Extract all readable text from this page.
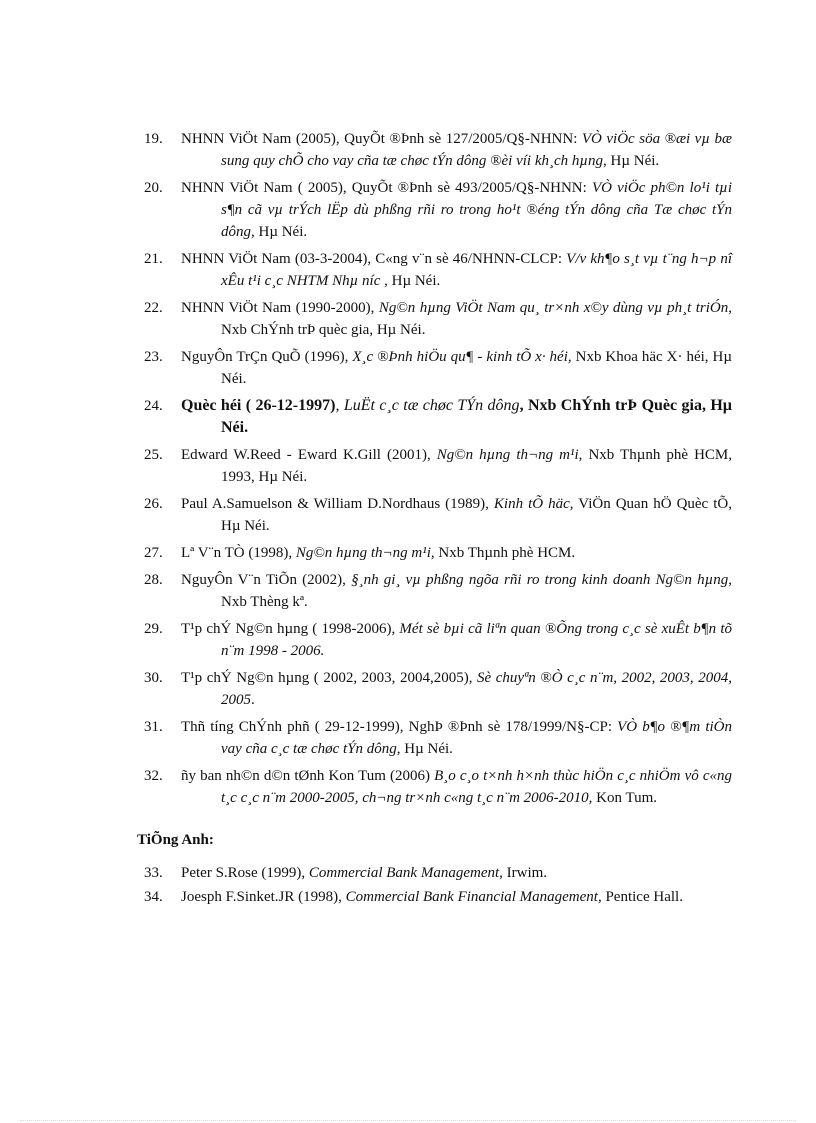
19.	NHNN ViÖt Nam (2005), QuyÕt ®Þnh sè 127/2005/Q§-NHNN: VÒ viÖc söa ®æi vµ bæ sung quy chÕ cho vay cña tæ chøc tÝn dông ®èi víi kh¸ch hµng, Hµ Néi.
20.	NHNN ViÖt Nam ( 2005), QuyÕt ®Þnh sè 493/2005/Q§-NHNN: VÒ viÖc ph©n lo¹i tµi s¶n cã vµ trÝch lËp dù phßng rñi ro trong ho¹t ®éng tÝn dông cña Tæ chøc tÝn dông, Hµ Néi.
21.	NHNN ViÖt Nam (03-3-2004), C«ng v¨n sè 46/NHNN-CLCP: V/v kh¶o s¸t vµ t¨ng h¬p nî xÊu t¹i c¸c NHTM Nhµ níc , Hµ Néi.
22.	NHNN ViÖt Nam (1990-2000), Ng©n hµng ViÖt Nam qu¸ tr×nh x©y dùng vµ ph¸t triÓn, Nxb ChÝnh trÞ quèc gia, Hµ Néi.
23.	NguyÔn TrÇn QuÕ (1996), X¸c ®Þnh hiÖu qu¶ - kinh tÕ x· héi, Nxb Khoa häc X· héi, Hµ Néi.
24.	Quèc héi ( 26-12-1997), LuËt c¸c tæ chøc TÝn dông, Nxb ChÝnh trÞ Quèc gia, Hµ Néi.
25.	Edward W.Reed - Eward K.Gill (2001), Ng©n hµng th¬ng m¹i, Nxb Thµnh phè HCM, 1993, Hµ Néi.
26.	Paul A.Samuelson & William D.Nordhaus (1989), Kinh tÕ häc, ViÖn Quan hÖ Quèc tÕ, Hµ Néi.
27.	Lª V¨n TÒ (1998), Ng©n hµng th¬ng m¹i, Nxb Thµnh phè HCM.
28.	NguyÔn V¨n TiÕn (2002), §¸nh gi¸ vµ phßng ngõa rñi ro trong kinh doanh Ng©n hµng, Nxb Thèng kª.
29.	T¹p chÝ Ng©n hµng ( 1998-2006), Mét sè bµi cã liªn quan ®Õng trong c¸c sè xuÊt b¶n tõ n¨m 1998 - 2006.
30.	T¹p chÝ Ng©n hµng ( 2002, 2003, 2004,2005), Sè chuyªn ®Ò c¸c n¨m, 2002, 2003, 2004, 2005.
31.	Thñ tíng ChÝnh phñ ( 29-12-1999), NghÞ ®Þnh sè 178/1999/N§-CP: VÒ b¶o ®¶m tiÒn vay cña c¸c tæ chøc tÝn dông, Hµ Néi.
32.	ñy ban nh©n d©n tØnh Kon Tum (2006) B¸o c¸o t×nh h×nh thùc hiÖn c¸c nhiÖm vô c«ng t¸c c¸c n¨m 2000-2005, ch¬ng tr×nh c«ng t¸c n¨m 2006-2010, Kon Tum.
TiÕng Anh:
33.	Peter S.Rose (1999), Commercial Bank Management, Irwim.
34.	Joesph F.Sinket.JR (1998), Commercial Bank Financial Management, Pentice Hall.
